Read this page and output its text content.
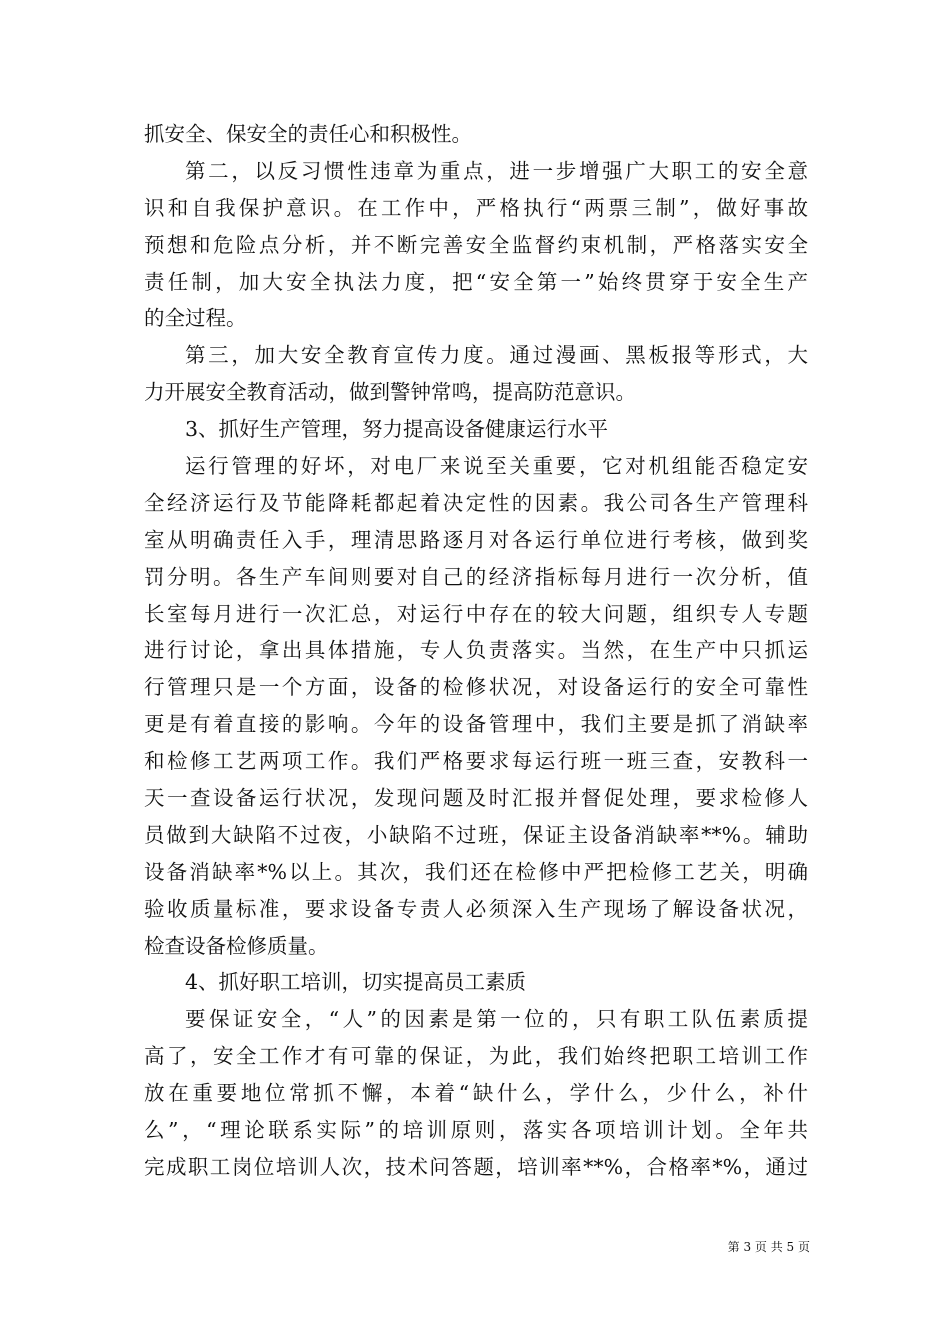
抓安全、保安全的责任心和积极性。
第二，以反习惯性违章为重点，进一步增强广大职工的安全意
识和自我保护意识。在工作中，严格执行“两票三制”，做好事故
预想和危险点分析，并不断完善安全监督约束机制，严格落实安全
责任制，加大安全执法力度，把“安全第一”始终贯穿于安全生产
的全过程。
第三，加大安全教育宣传力度。通过漫画、黑板报等形式，大
力开展安全教育活动，做到警钟常鸣，提高防范意识。
3、抓好生产管理，努力提高设备健康运行水平
运行管理的好坏，对电厂来说至关重要，它对机组能否稳定安
全经济运行及节能降耗都起着决定性的因素。我公司各生产管理科
室从明确责任入手，理清思路逐月对各运行单位进行考核，做到奖
罚分明。各生产车间则要对自己的经济指标每月进行一次分析，值
长室每月进行一次汇总，对运行中存在的较大问题，组织专人专题
进行讨论，拿出具体措施，专人负责落实。当然，在生产中只抓运
行管理只是一个方面，设备的检修状况，对设备运行的安全可靠性
更是有着直接的影响。今年的设备管理中，我们主要是抓了消缺率
和检修工艺两项工作。我们严格要求每运行班一班三查，安教科一
天一查设备运行状况，发现问题及时汇报并督促处理，要求检修人
员做到大缺陷不过夜，小缺陷不过班，保证主设备消缺率**%。辅助
设备消缺率*%以上。其次，我们还在检修中严把检修工艺关，明确
验收质量标准，要求设备专责人必须深入生产现场了解设备状况，
检查设备检修质量。
4、抓好职工培训，切实提高员工素质
要保证安全，“人”的因素是第一位的，只有职工队伍素质提
高了，安全工作才有可靠的保证，为此，我们始终把职工培训工作
放在重要地位常抓不懈，本着“缺什么，学什么，少什么，补什
么”，“理论联系实际”的培训原则，落实各项培训计划。全年共
完成职工岗位培训人次，技术问答题，培训率**%，合格率*%，通过
第 3 页 共 5 页
